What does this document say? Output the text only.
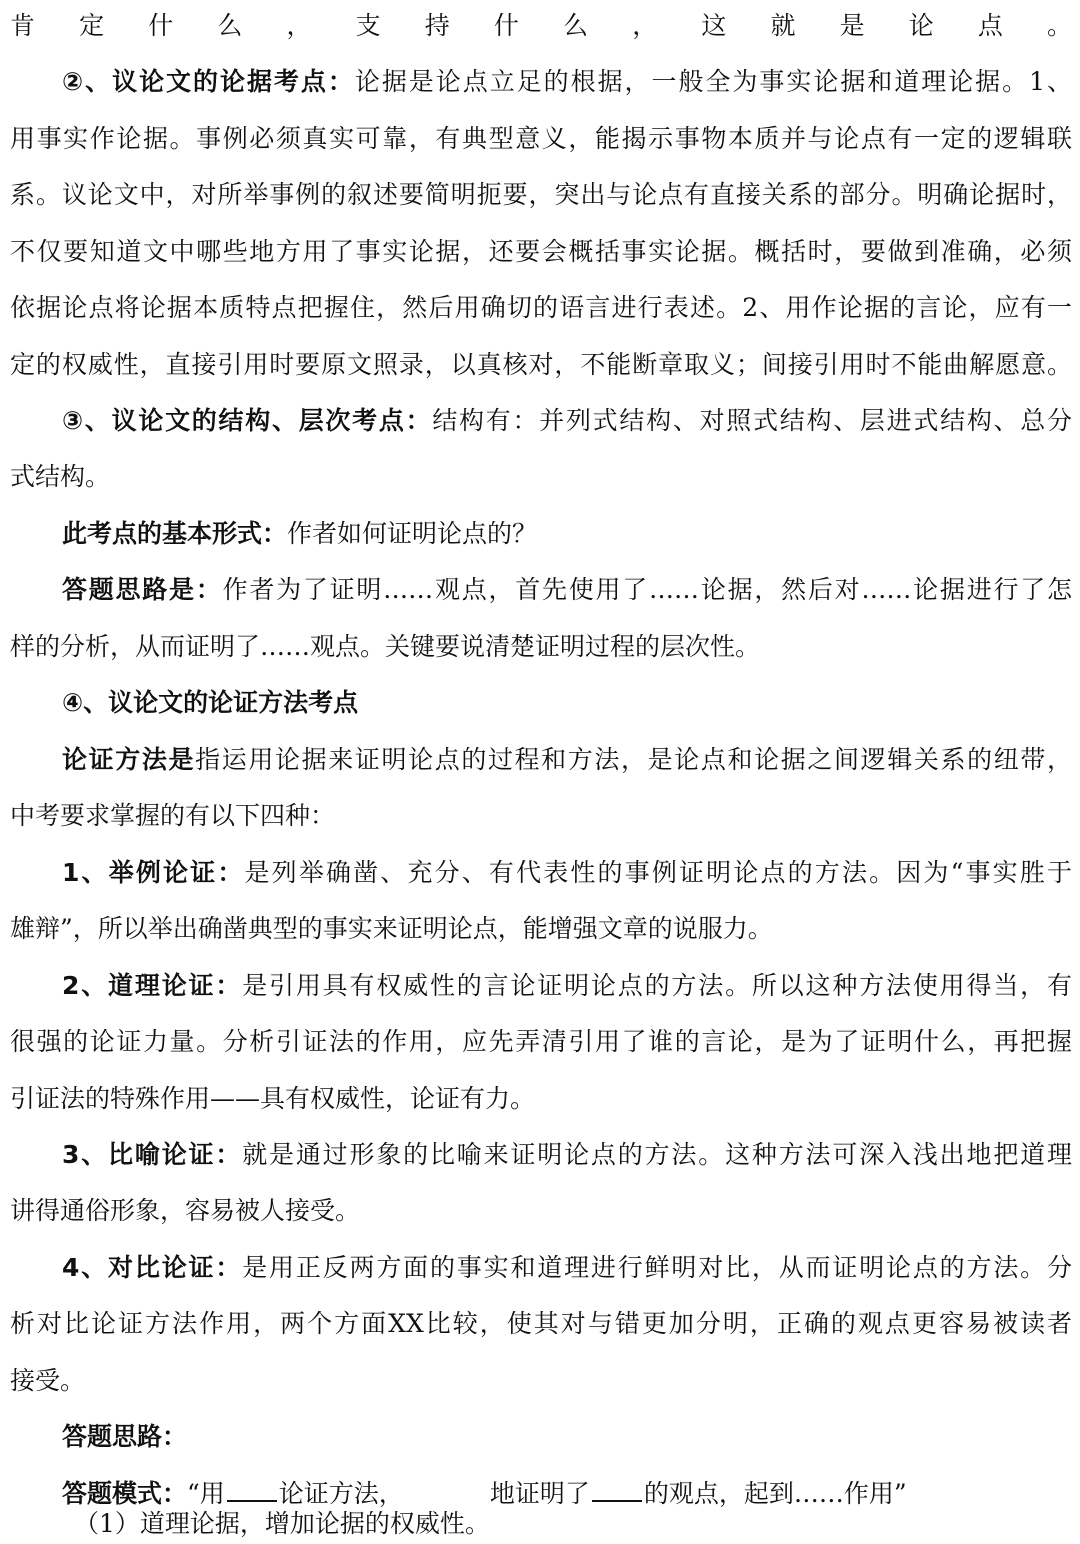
肯定什么，支持什么，这就是论点。
②、议论文的论据考点：论据是论点立足的根据，一般全为事实论据和道理论据。1、
用事实作论据。事例必须真实可靠，有典型意义，能揭示事物本质并与论点有一定的逻辑联
系。议论文中，对所举事例的叙述要简明扼要，突出与论点有直接关系的部分。明确论据时，
不仅要知道文中哪些地方用了事实论据，还要会概括事实论据。概括时，要做到准确，必须
依据论点将论据本质特点把握住，然后用确切的语言进行表述。2、用作论据的言论，应有一
定的权威性，直接引用时要原文照录，以真核对，不能断章取义；间接引用时不能曲解愿意。
③、议论文的结构、层次考点：结构有：并列式结构、对照式结构、层进式结构、总分
式结构。
此考点的基本形式：作者如何证明论点的？
答题思路是：作者为了证明……观点，首先使用了……论据，然后对……论据进行了怎
样的分析，从而证明了……观点。关键要说清楚证明过程的层次性。
④、议论文的论证方法考点
论证方法是指运用论据来证明论点的过程和方法，是论点和论据之间逻辑关系的纽带，
中考要求掌握的有以下四种：
1、举例论证：是列举确凿、充分、有代表性的事例证明论点的方法。因为“事实胜于
雄辩”，所以举出确凿典型的事实来证明论点，能增强文章的说服力。
2、道理论证：是引用具有权威性的言论证明论点的方法。所以这种方法使用得当，有
很强的论证力量。分析引证法的作用，应先弄清引用了谁的言论，是为了证明什么，再把握
引证法的特殊作用——具有权威性，论证有力。
3、比喻论证：就是通过形象的比喻来证明论点的方法。这种方法可深入浅出地把道理
讲得通俗形象，容易被人接受。
4、对比论证：是用正反两方面的事实和道理进行鲜明对比，从而证明论点的方法。分
析对比论证方法作用，两个方面XX比较，使其对与错更加分明，正确的观点更容易被读者
接受。
答题思路：
答题模式：“用 论证方法，	地证明了 的观点，起到……作用”
（1）道理论据，增加论据的权威性。
